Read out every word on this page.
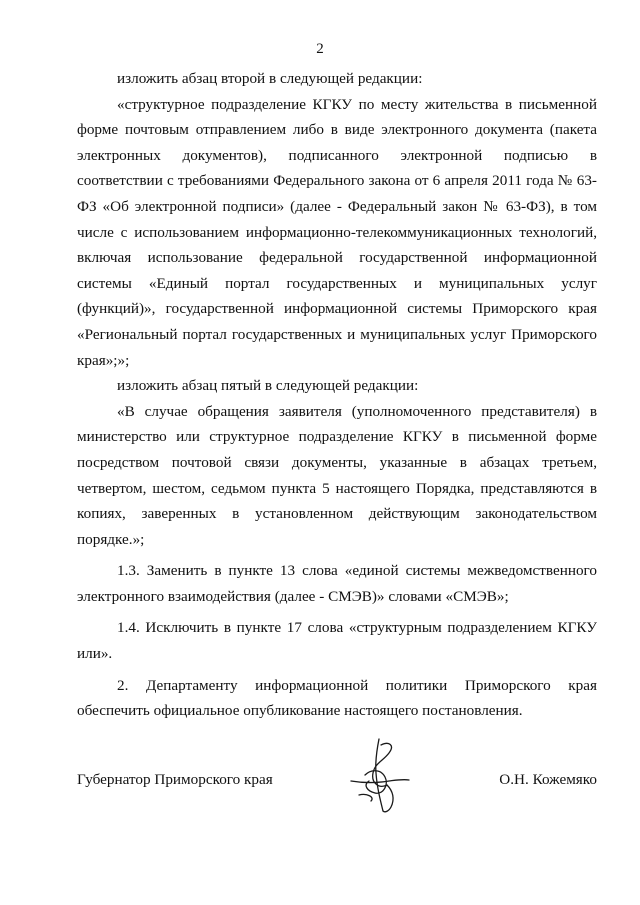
2

изложить абзац второй в следующей редакции:

«структурное подразделение КГКУ по месту жительства в письменной форме почтовым отправлением либо в виде электронного документа (пакета электронных документов), подписанного электронной подписью в соответствии с требованиями Федерального закона от 6 апреля 2011 года № 63-ФЗ «Об электронной подписи» (далее - Федеральный закон № 63-ФЗ), в том числе с использованием информационно-телекоммуникационных технологий, включая использование федеральной государственной информационной системы «Единый портал государственных и муниципальных услуг (функций)», государственной информационной системы Приморского края «Региональный портал государственных и муниципальных услуг Приморского края»;»;

изложить абзац пятый в следующей редакции:

«В случае обращения заявителя (уполномоченного представителя) в министерство или структурное подразделение КГКУ в письменной форме посредством почтовой связи документы, указанные в абзацах третьем, четвертом, шестом, седьмом пункта 5 настоящего Порядка, представляются в копиях, заверенных в установленном действующим законодательством порядке.»;

1.3. Заменить в пункте 13 слова «единой системы межведомственного электронного взаимодействия (далее - СМЭВ)» словами «СМЭВ»;

1.4. Исключить в пункте 17 слова «структурным подразделением КГКУ или».

2. Департаменту информационной политики Приморского края обеспечить официальное опубликование настоящего постановления.

Губернатор Приморского края	О.Н. Кожемяко
